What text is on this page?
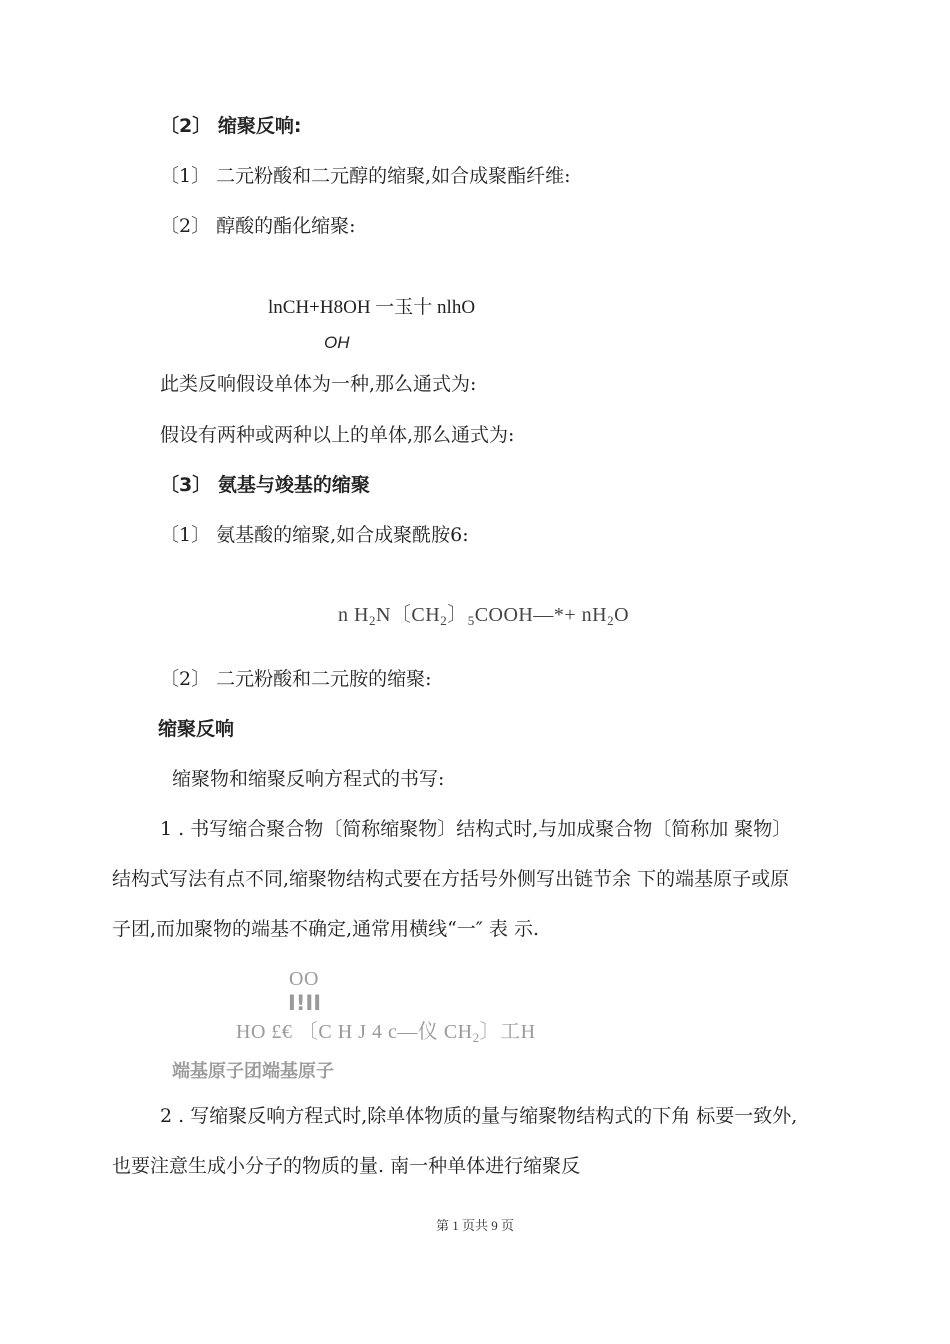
〔2〕 缩聚反响:
〔1〕 二元粉酸和二元醇的缩聚,如合成聚酯纤维:
〔2〕 醇酸的酯化缩聚:
lnCH+H8OH 一玉十 nlhO
OH
此类反响假设单体为一种,那么通式为:
假设有两种或两种以上的单体,那么通式为:
〔3〕 氨基与竣基的缩聚
〔1〕 氨基酸的缩聚,如合成聚酰胺6:
n $H_2N$〔$CH_2$〕$_5$COOH—*+ $nH_2O$
〔2〕 二元粉酸和二元胺的缩聚:
缩聚反响
缩聚物和缩聚反响方程式的书写:
1 . 书写缩合聚合物〔简称缩聚物〕结构式时,与加成聚合物〔简称加 聚物〕
结构式写法有点不同,缩聚物结构式要在方括号外侧写出链节余 下的端基原子或原
子团,而加聚物的端基不确定,通常用横线“一″ 表 示.
OO
I!II
HO £€ 〔C H J 4 c—仪 $CH_2$〕工H
端基原子团端基原子
2 . 写缩聚反响方程式时,除单体物质的量与缩聚物结构式的下角 标要一致外,
也要注意生成小分子的物质的量. 南一种单体进行缩聚反
第 1 页共 9 页
